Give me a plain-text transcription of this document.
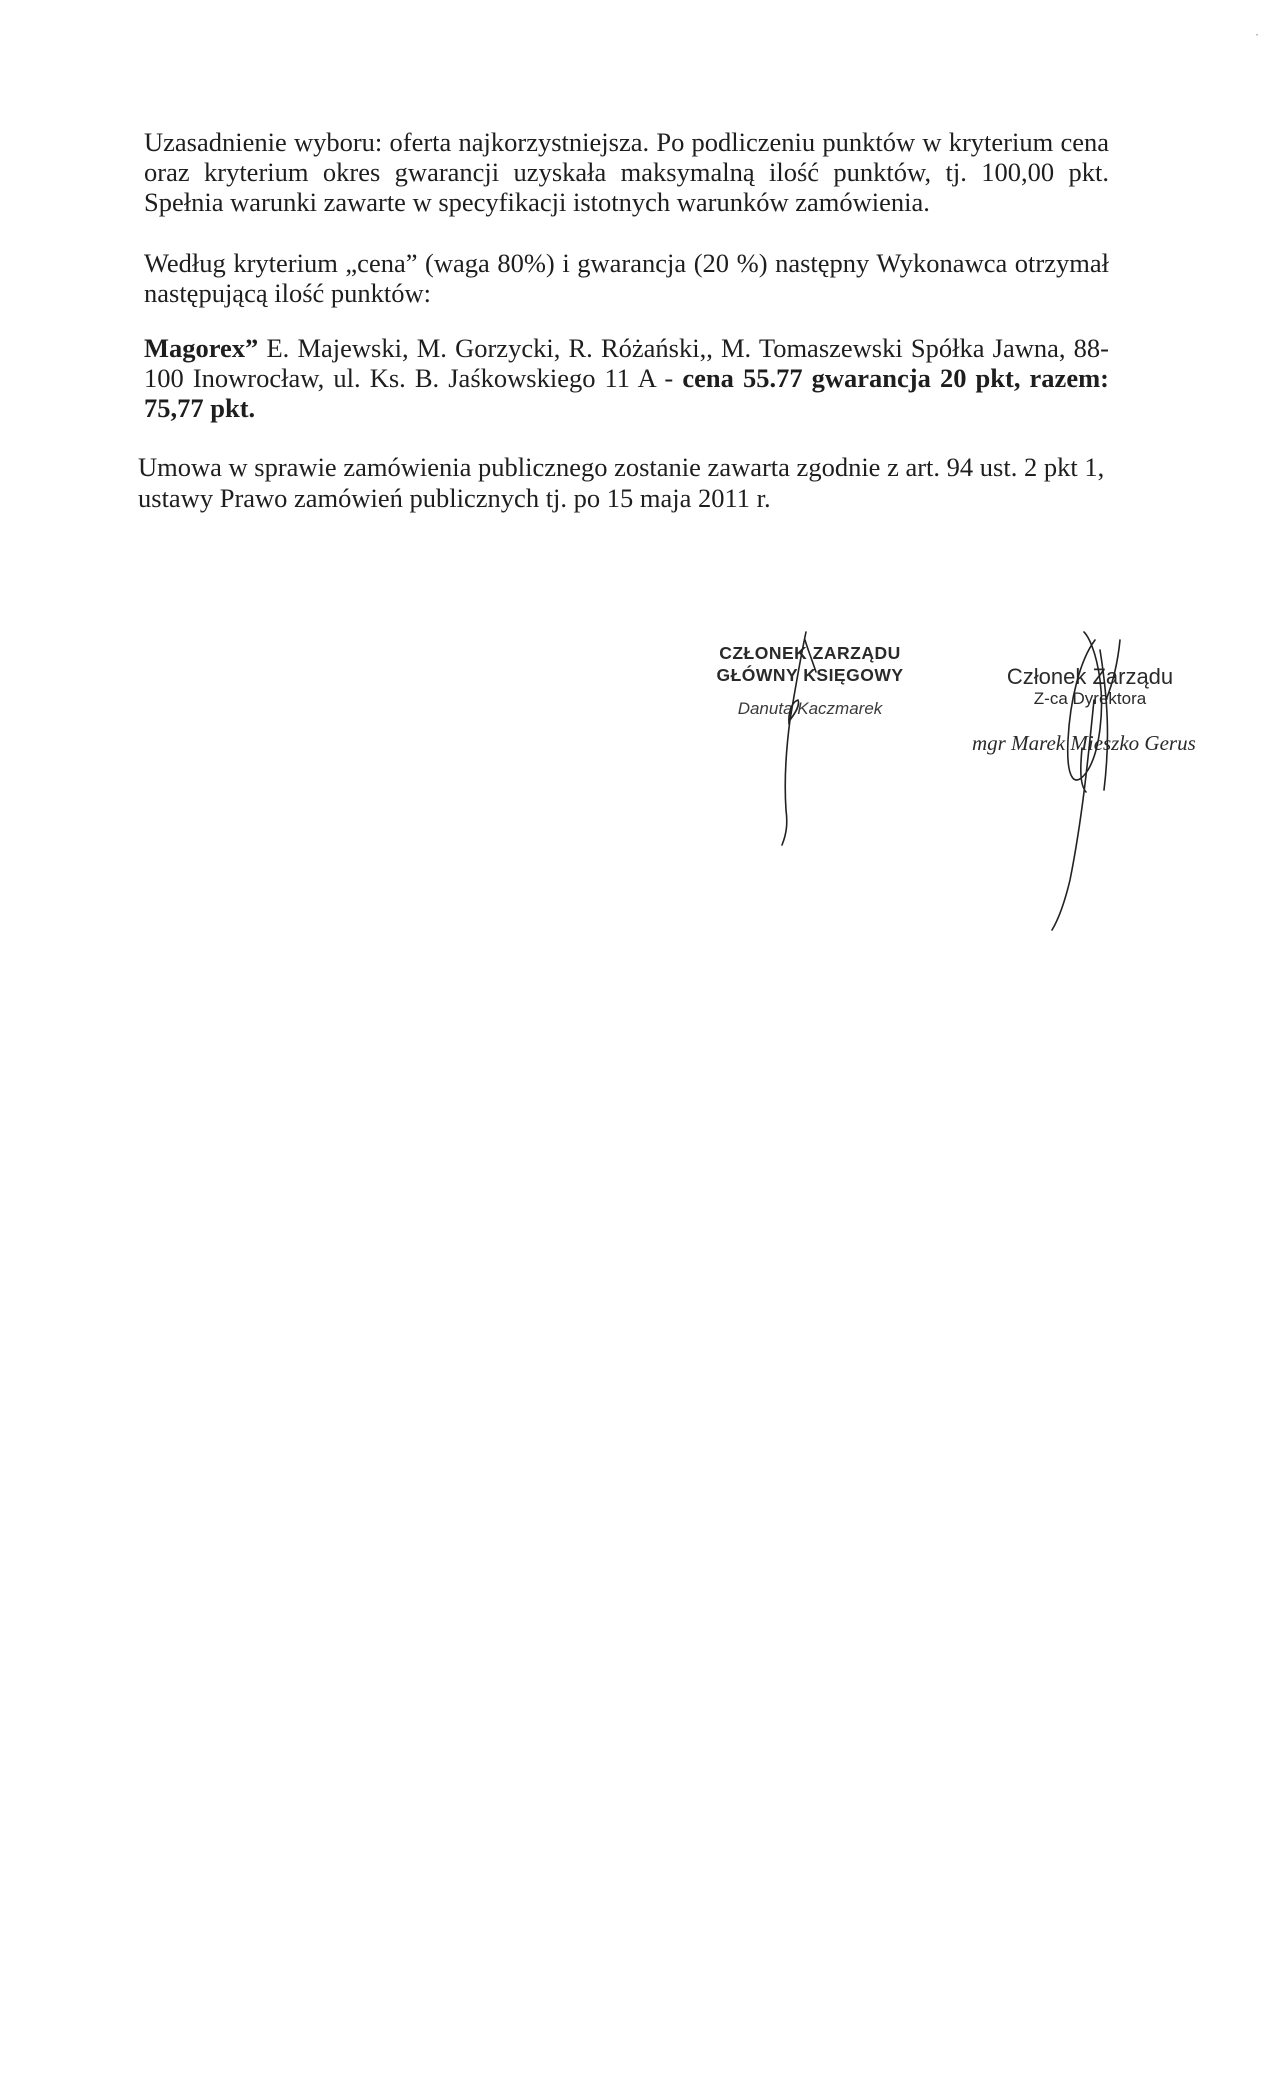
·

Uzasadnienie wyboru: oferta najkorzystniejsza. Po podliczeniu punktów w kryterium cena oraz kryterium okres gwarancji uzyskała maksymalną ilość punktów, tj. 100,00 pkt. Spełnia warunki zawarte w specyfikacji istotnych warunków zamówienia.

Według kryterium „cena” (waga 80%) i gwarancja (20 %) następny Wykonawca otrzymał następującą ilość punktów:

Magorex” E. Majewski, M. Gorzycki, R. Różański,, M. Tomaszewski Spółka Jawna, 88-100 Inowrocław, ul. Ks. B. Jaśkowskiego 11 A - cena 55.77 gwarancja 20 pkt, razem: 75,77 pkt.

Umowa w sprawie zamówienia publicznego zostanie zawarta zgodnie z art. 94 ust. 2 pkt 1, ustawy Prawo zamówień publicznych tj. po 15 maja 2011 r.

CZŁONEK ZARZĄDU
GŁÓWNY KSIĘGOWY
Danuta Kaczmarek
Członek Zarządu
Z-ca Dyrektora
mgr Marek Mieszko Gerus
